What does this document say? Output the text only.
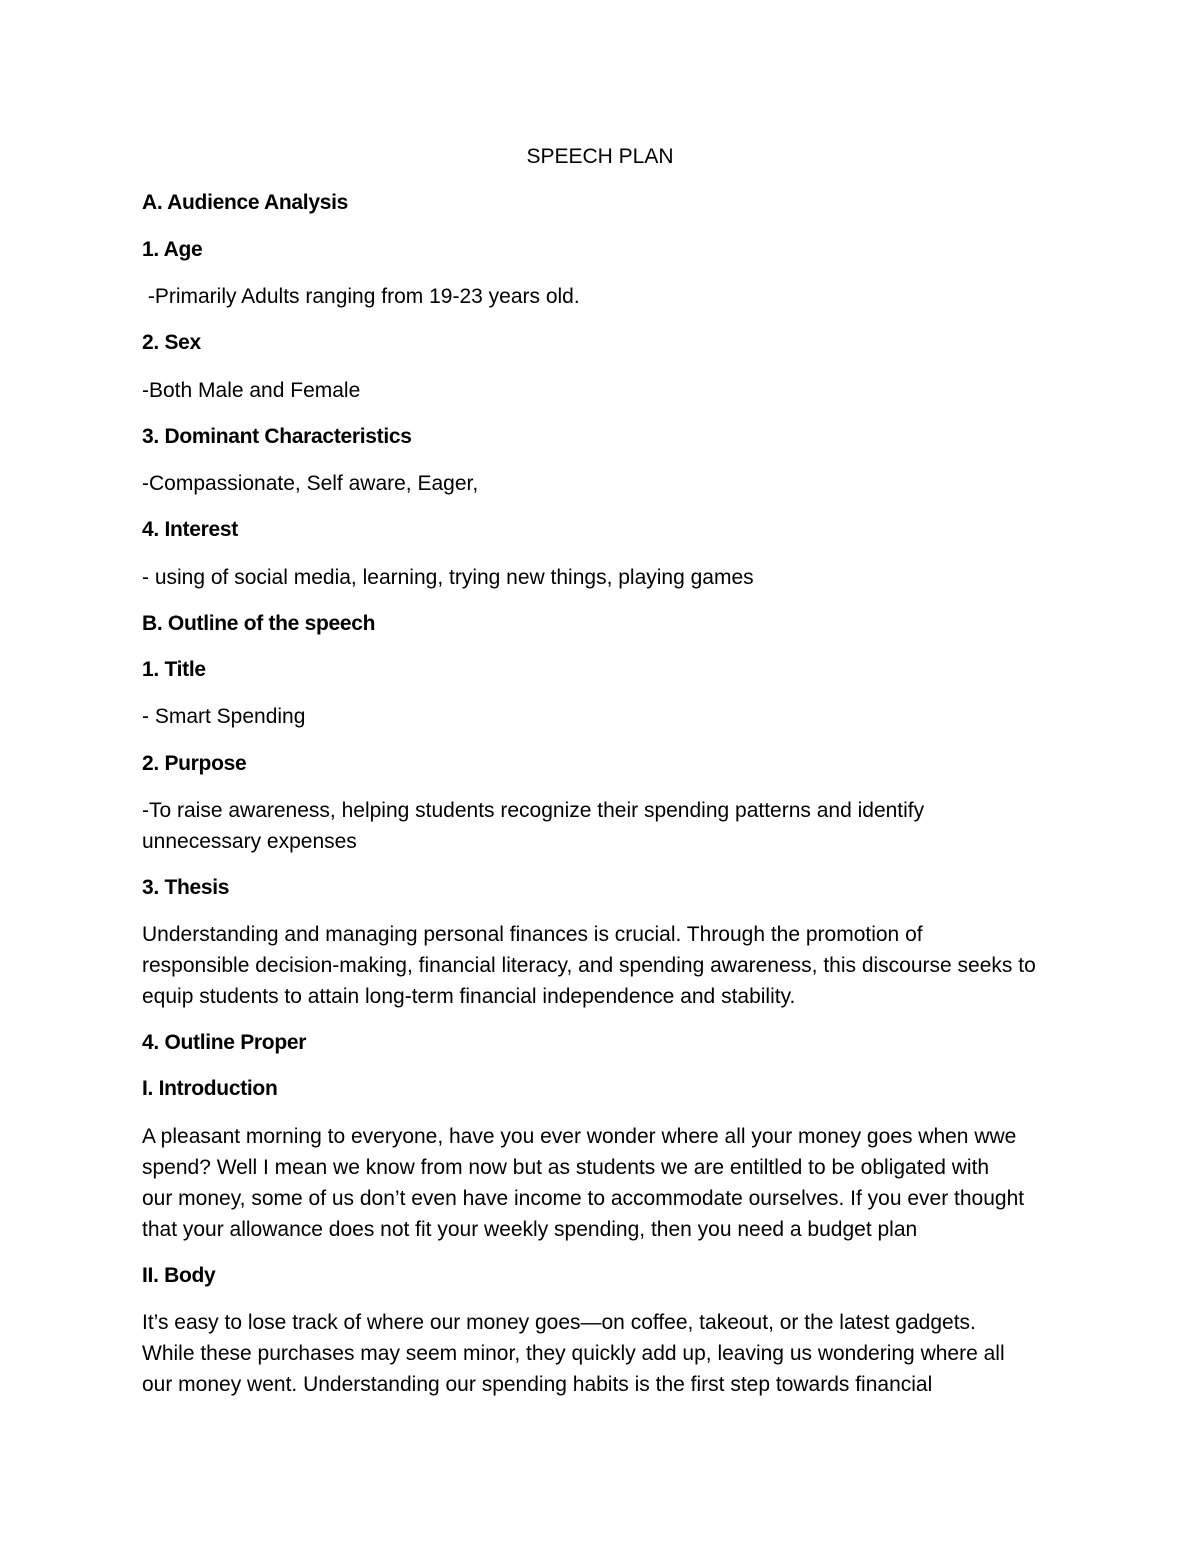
SPEECH PLAN
A. Audience Analysis
1. Age
-Primarily Adults ranging from 19-23 years old.
2. Sex
-Both Male and Female
3. Dominant Characteristics
-Compassionate, Self aware, Eager,
4. Interest
- using of social media, learning, trying new things, playing games
B. Outline of the speech
1. Title
- Smart Spending
2. Purpose
-To raise awareness, helping students recognize their spending patterns and identify
unnecessary expenses
3. Thesis
Understanding and managing personal finances is crucial. Through the promotion of
responsible decision-making, financial literacy, and spending awareness, this discourse seeks to
equip students to attain long-term financial independence and stability.
4. Outline Proper
I. Introduction
A pleasant morning to everyone, have you ever wonder where all your money goes when wwe
spend? Well I mean we know from now but as students we are entiltled to be obligated with
our money, some of us don’t even have income to accommodate ourselves. If you ever thought
that your allowance does not fit your weekly spending, then you need a budget plan
II. Body
It’s easy to lose track of where our money goes—on coffee, takeout, or the latest gadgets.
While these purchases may seem minor, they quickly add up, leaving us wondering where all
our money went. Understanding our spending habits is the first step towards financial
